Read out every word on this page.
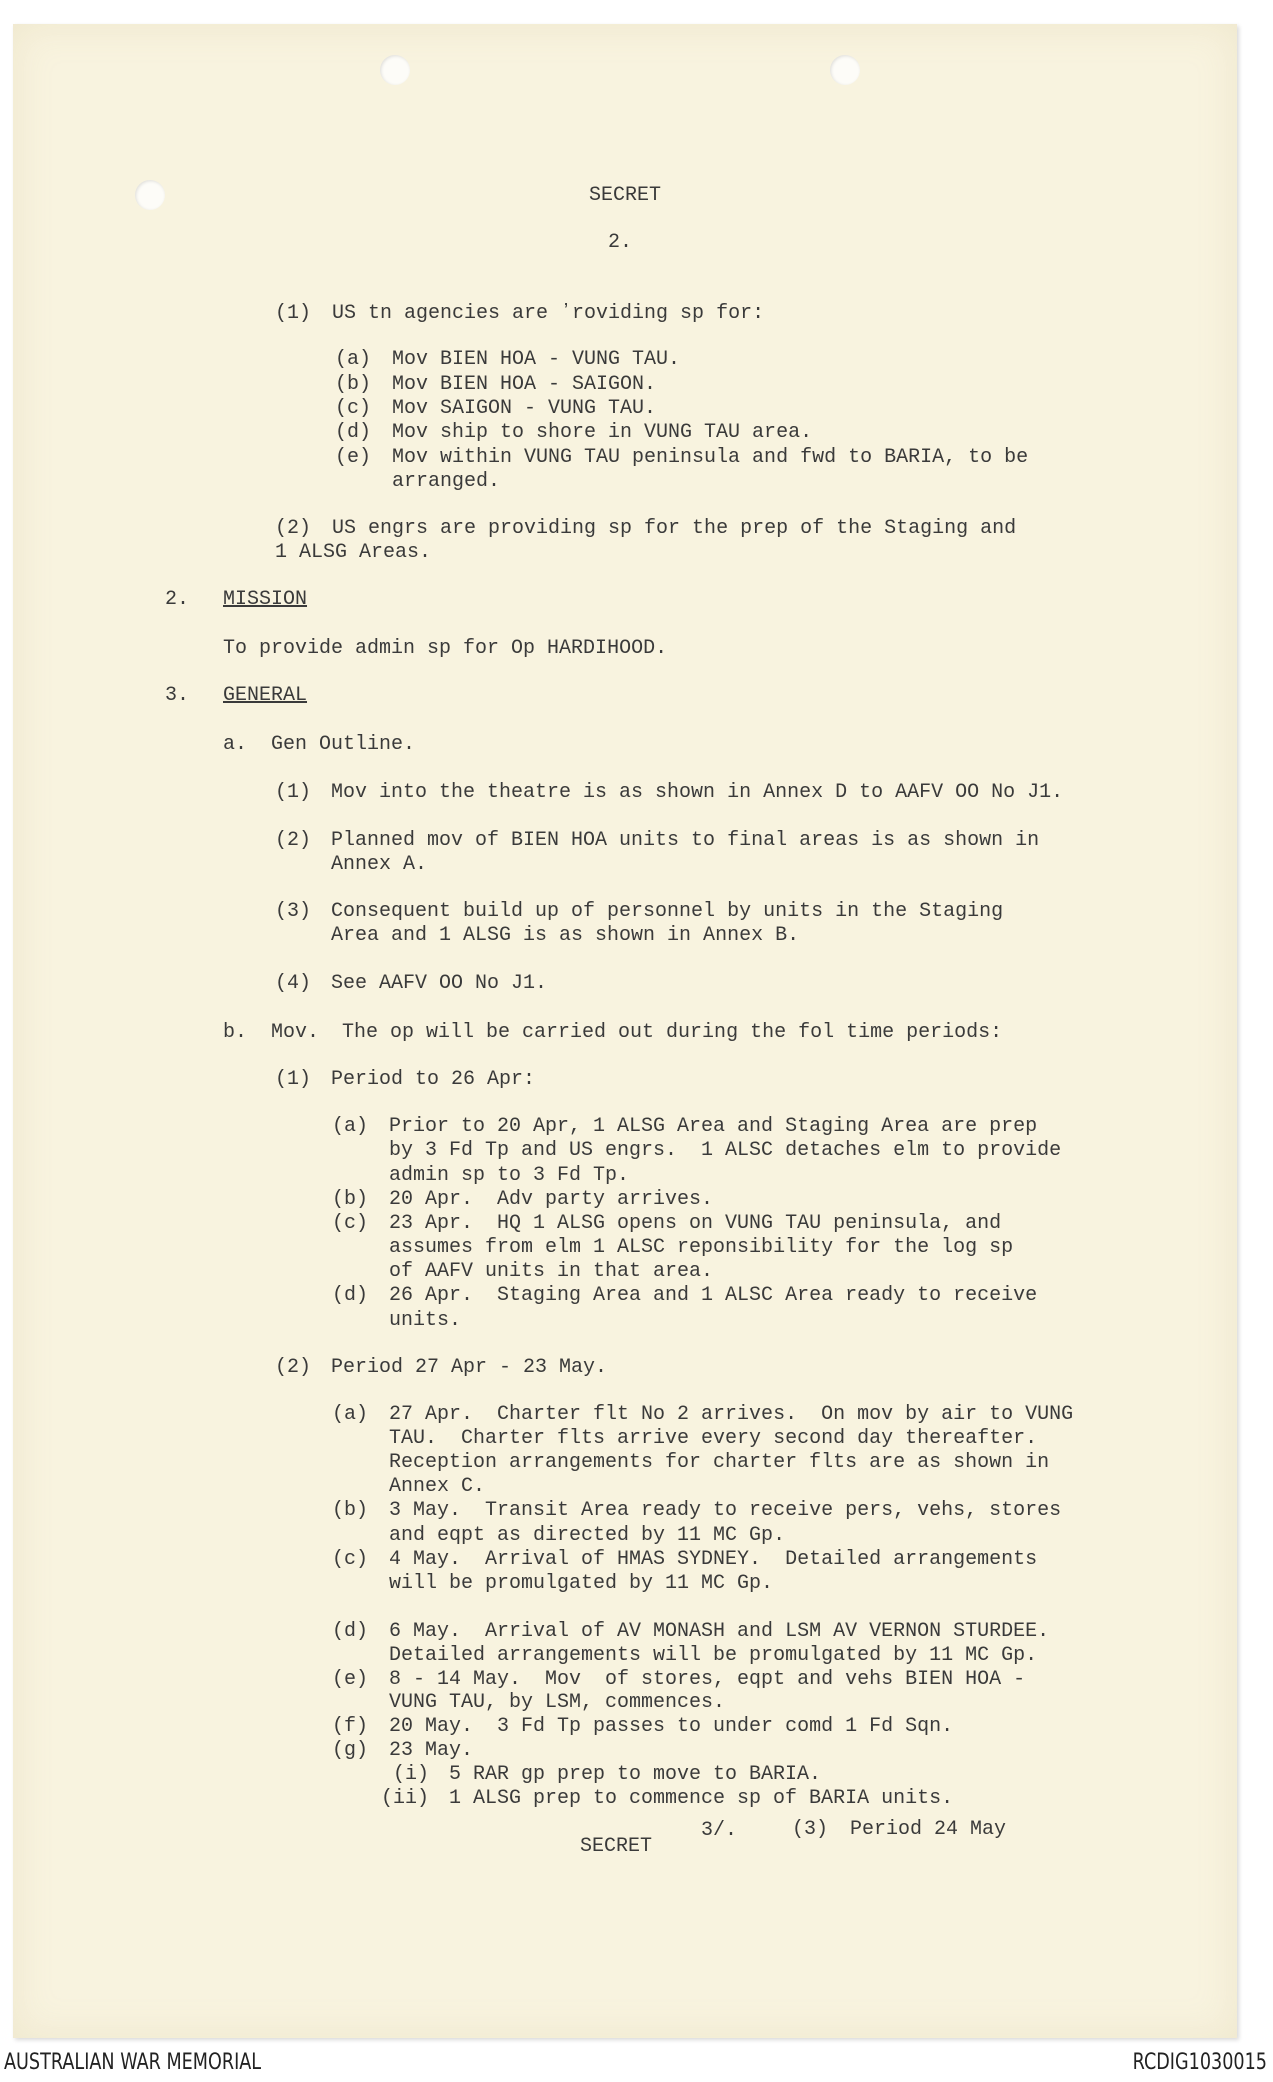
SECRET
2.
(1) US tn agencies are ʼroviding sp for:
(a) Mov BIEN HOA - VUNG TAU.
(b) Mov BIEN HOA - SAIGON.
(c) Mov SAIGON - VUNG TAU.
(d) Mov ship to shore in VUNG TAU area.
(e) Mov within VUNG TAU peninsula and fwd to BARIA, to be
arranged.
(2) US engrs are providing sp for the prep of the Staging and
1 ALSG Areas.
2. MISSION
To provide admin sp for Op HARDIHOOD.
3. GENERAL
a. Gen Outline.
(1) Mov into the theatre is as shown in Annex D to AAFV OO No J1.
(2) Planned mov of BIEN HOA units to final areas is as shown in
Annex A.
(3) Consequent build up of personnel by units in the Staging
Area and 1 ALSG is as shown in Annex B.
(4) See AAFV OO No J1.
b. Mov. The op will be carried out during the fol time periods:
(1) Period to 26 Apr:
(a) Prior to 20 Apr, 1 ALSG Area and Staging Area are prep
by 3 Fd Tp and US engrs.  1 ALSC detaches elm to provide
admin sp to 3 Fd Tp.
(b) 20 Apr.  Adv party arrives.
(c) 23 Apr.  HQ 1 ALSG opens on VUNG TAU peninsula, and
assumes from elm 1 ALSC reponsibility for the log sp
of AAFV units in that area.
(d) 26 Apr.  Staging Area and 1 ALSC Area ready to receive
units.
(2) Period 27 Apr - 23 May.
(a) 27 Apr.  Charter flt No 2 arrives.  On mov by air to VUNG
TAU.  Charter flts arrive every second day thereafter.
Reception arrangements for charter flts are as shown in
Annex C.
(b) 3 May.  Transit Area ready to receive pers, vehs, stores
and eqpt as directed by 11 MC Gp.
(c) 4 May.  Arrival of HMAS SYDNEY.  Detailed arrangements
will be promulgated by 11 MC Gp.
(d) 6 May.  Arrival of AV MONASH and LSM AV VERNON STURDEE.
Detailed arrangements will be promulgated by 11 MC Gp.
(e) 8 - 14 May.  Mov  of stores, eqpt and vehs BIEN HOA -
VUNG TAU, by LSM, commences.
(f) 20 May.  3 Fd Tp passes to under comd 1 Fd Sqn.
(g) 23 May.
(i) 5 RAR gp prep to move to BARIA.
(ii) 1 ALSG prep to commence sp of BARIA units.
SECRET
3/.	(3) Period 24 May
AUSTRALIAN WAR MEMORIAL	RCDIG1030015
